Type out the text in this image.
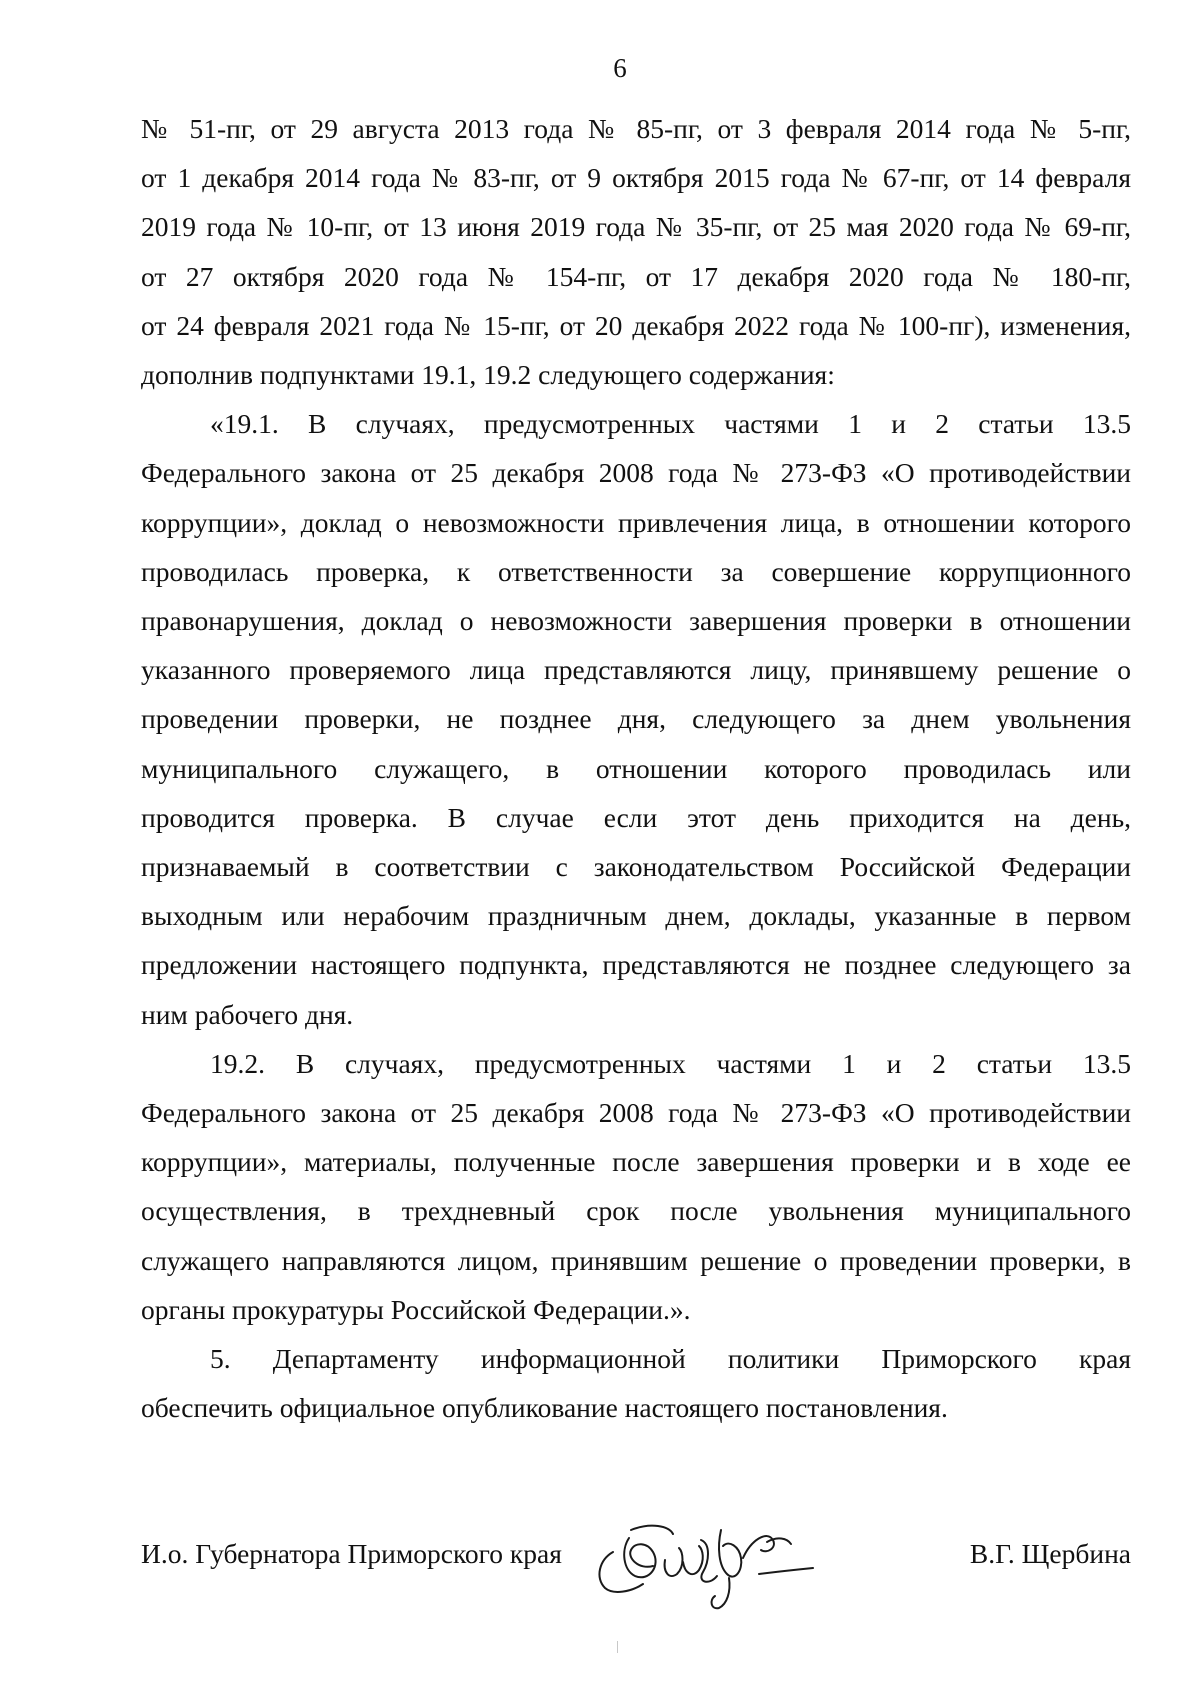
6

№ 51-пг, от 29 августа 2013 года № 85-пг, от 3 февраля 2014 года № 5-пг,

от 1 декабря 2014 года № 83-пг, от 9 октября 2015 года № 67-пг, от 14 февраля

2019 года № 10-пг, от 13 июня 2019 года № 35-пг, от 25 мая 2020 года № 69-пг,

от 27 октября 2020 года № 154-пг, от 17 декабря 2020 года № 180-пг,

от 24 февраля 2021 года № 15-пг, от 20 декабря 2022 года № 100-пг), изменения,

дополнив подпунктами 19.1, 19.2 следующего содержания:

«19.1. В случаях, предусмотренных частями 1 и 2 статьи 13.5

Федерального закона от 25 декабря 2008 года № 273-ФЗ «О противодействии

коррупции», доклад о невозможности привлечения лица, в отношении которого

проводилась проверка, к ответственности за совершение коррупционного

правонарушения, доклад о невозможности завершения проверки в отношении

указанного проверяемого лица представляются лицу, принявшему решение о

проведении проверки, не позднее дня, следующего за днем увольнения

муниципального служащего, в отношении которого проводилась или

проводится проверка. В случае если этот день приходится на день,

признаваемый в соответствии с законодательством Российской Федерации

выходным или нерабочим праздничным днем, доклады, указанные в первом

предложении настоящего подпункта, представляются не позднее следующего за

ним рабочего дня.

19.2. В случаях, предусмотренных частями 1 и 2 статьи 13.5

Федерального закона от 25 декабря 2008 года № 273-ФЗ «О противодействии

коррупции», материалы, полученные после завершения проверки и в ходе ее

осуществления, в трехдневный срок после увольнения муниципального

служащего направляются лицом, принявшим решение о проведении проверки, в

органы прокуратуры Российской Федерации.».

5. Департаменту информационной политики Приморского края

обеспечить официальное опубликование настоящего постановления.

И.о. Губернатора Приморского края	В.Г. Щербина
